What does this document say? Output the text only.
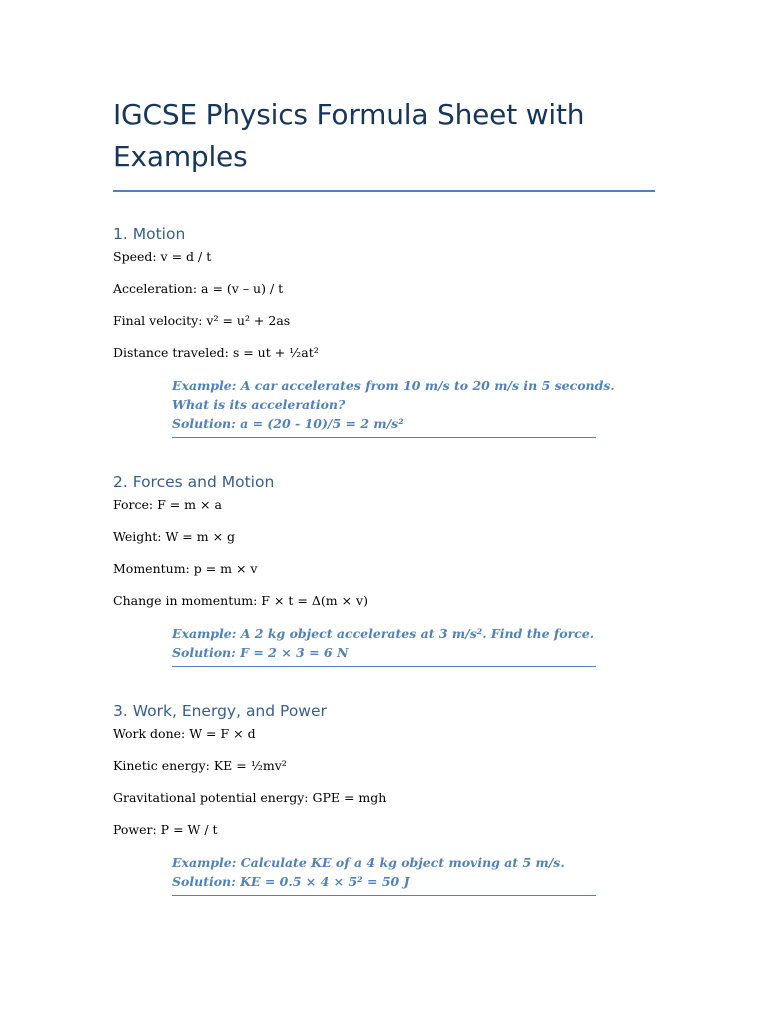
IGCSE Physics Formula Sheet with Examples
1. Motion

Speed: v = d / t

Acceleration: a = (v – u) / t

Final velocity: v² = u² + 2as

Distance traveled: s = ut + ½at²

Example: A car accelerates from 10 m/s to 20 m/s in 5 seconds.
What is its acceleration?
Solution: a = (20 - 10)/5 = 2 m/s²
2. Forces and Motion

Force: F = m × a

Weight: W = m × g

Momentum: p = m × v

Change in momentum: F × t = Δ(m × v)

Example: A 2 kg object accelerates at 3 m/s². Find the force.
Solution: F = 2 × 3 = 6 N
3. Work, Energy, and Power

Work done: W = F × d

Kinetic energy: KE = ½mv²

Gravitational potential energy: GPE = mgh

Power: P = W / t

Example: Calculate KE of a 4 kg object moving at 5 m/s.
Solution: KE = 0.5 × 4 × 5² = 50 J
